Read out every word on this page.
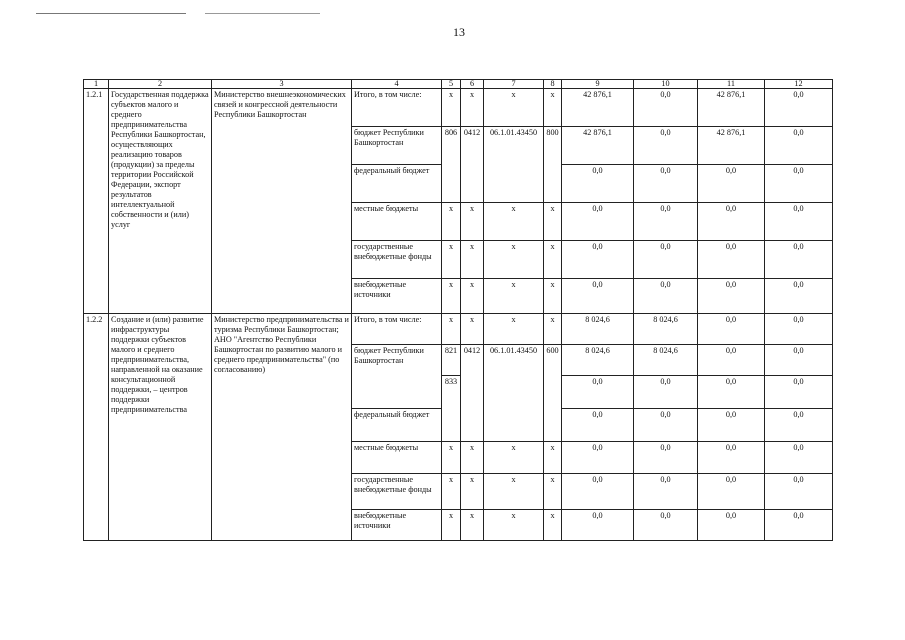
13
1	2	3	4	5	6	7	8	9	10	11	12
1.2.1	Государственная поддержка субъектов малого и среднего предпринимательства Республики Башкортостан, осуществляющих реализацию товаров (продукции) за пределы территории Российской Федерации, экспорт результатов интеллектуальной собственности и (или) услуг	Министерство внешнеэкономических связей и конгрессной деятельности Республики Башкортостан	Итого, в том числе:	x	x	x	x	42 876,1	0,0	42 876,1	0,0
			бюджет Республики Башкортостан	806	0412	06.1.01.43450	800	42 876,1	0,0	42 876,1	0,0
			федеральный бюджет					0,0	0,0	0,0	0,0
			местные бюджеты	x	x	x	x	0,0	0,0	0,0	0,0
			государственные внебюджетные фонды	x	x	x	x	0,0	0,0	0,0	0,0
			внебюджетные источники	x	x	x	x	0,0	0,0	0,0	0,0
1.2.2	Создание и (или) развитие инфраструктуры поддержки субъектов малого и среднего предпринимательства, направленной на оказание консультационной поддержки, – центров поддержки предпринимательства	Министерство предпринимательства и туризма Республики Башкортостан; АНО "Агентство Республики Башкортостан по развитию малого и среднего предпринимательства" (по согласованию)	Итого, в том числе:	x	x	x	x	8 024,6	8 024,6	0,0	0,0
			бюджет Республики Башкортостан	821	0412	06.1.01.43450	600	8 024,6	8 024,6	0,0	0,0
				833				0,0	0,0	0,0	0,0
			федеральный бюджет					0,0	0,0	0,0	0,0
			местные бюджеты	x	x	x	x	0,0	0,0	0,0	0,0
			государственные внебюджетные фонды	x	x	x	x	0,0	0,0	0,0	0,0
			внебюджетные источники	x	x	x	x	0,0	0,0	0,0	0,0
